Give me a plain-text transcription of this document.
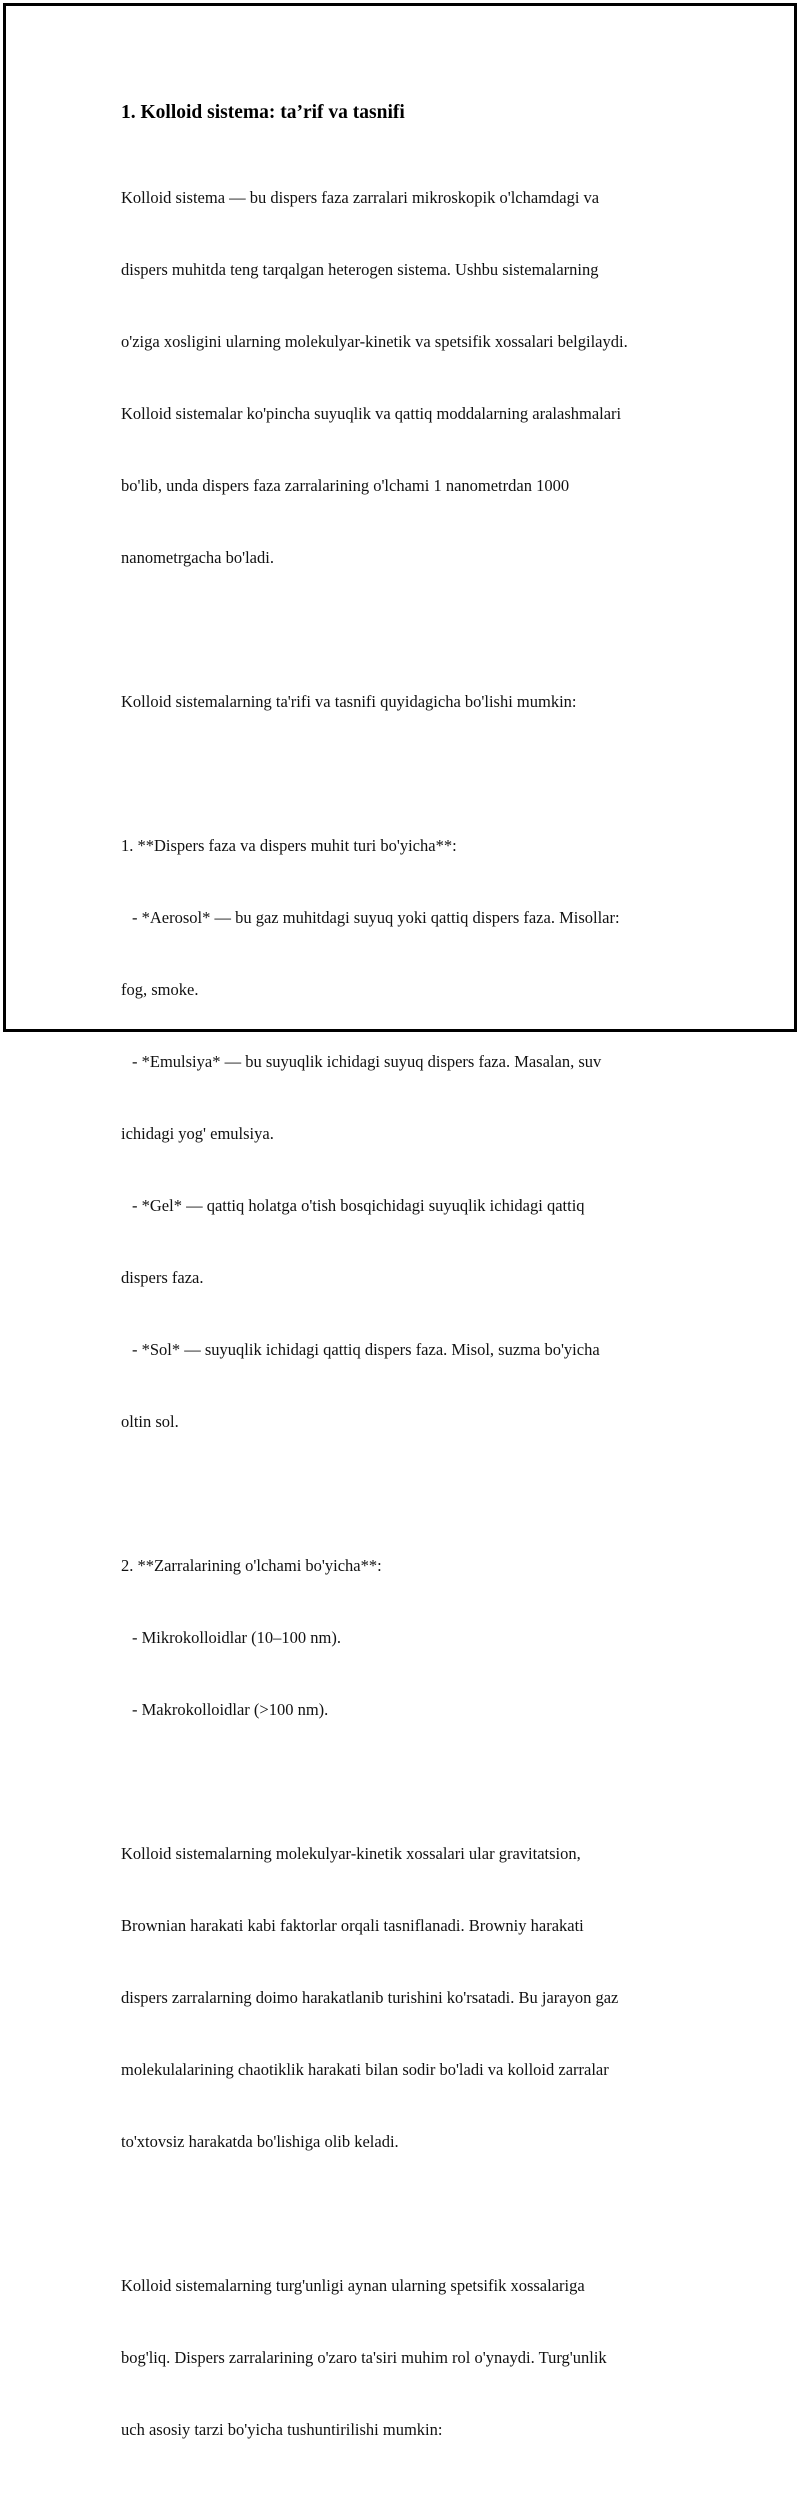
1. Kolloid sistema: ta’rif va tasnifi

Kolloid sistema — bu dispers faza zarralari mikroskopik o'lchamdagi va

dispers muhitda teng tarqalgan heterogen sistema. Ushbu sistemalarning

o'ziga xosligini ularning molekulyar-kinetik va spetsifik xossalari belgilaydi.

Kolloid sistemalar ko'pincha suyuqlik va qattiq moddalarning aralashmalari

bo'lib, unda dispers faza zarralarining o'lchami 1 nanometrdan 1000

nanometrgacha bo'ladi.

Kolloid sistemalarning ta'rifi va tasnifi quyidagicha bo'lishi mumkin:

1. **Dispers faza va dispers muhit turi bo'yicha**:

- *Aerosol* — bu gaz muhitdagi suyuq yoki qattiq dispers faza. Misollar:

fog, smoke.

- *Emulsiya* — bu suyuqlik ichidagi suyuq dispers faza. Masalan, suv

ichidagi yog' emulsiya.

- *Gel* — qattiq holatga o'tish bosqichidagi suyuqlik ichidagi qattiq

dispers faza.

- *Sol* — suyuqlik ichidagi qattiq dispers faza. Misol, suzma bo'yicha

oltin sol.

2. **Zarralarining o'lchami bo'yicha**:

- Mikrokolloidlar (10–100 nm).

- Makrokolloidlar (>100 nm).

Kolloid sistemalarning molekulyar-kinetik xossalari ular gravitatsion,

Brownian harakati kabi faktorlar orqali tasniflanadi. Browniy harakati

dispers zarralarning doimo harakatlanib turishini ko'rsatadi. Bu jarayon gaz

molekulalarining chaotiklik harakati bilan sodir bo'ladi va kolloid zarralar

to'xtovsiz harakatda bo'lishiga olib keladi.

Kolloid sistemalarning turg'unligi aynan ularning spetsifik xossalariga

bog'liq. Dispers zarralarining o'zaro ta'siri muhim rol o'ynaydi. Turg'unlik

uch asosiy tarzi bo'yicha tushuntirilishi mumkin:
